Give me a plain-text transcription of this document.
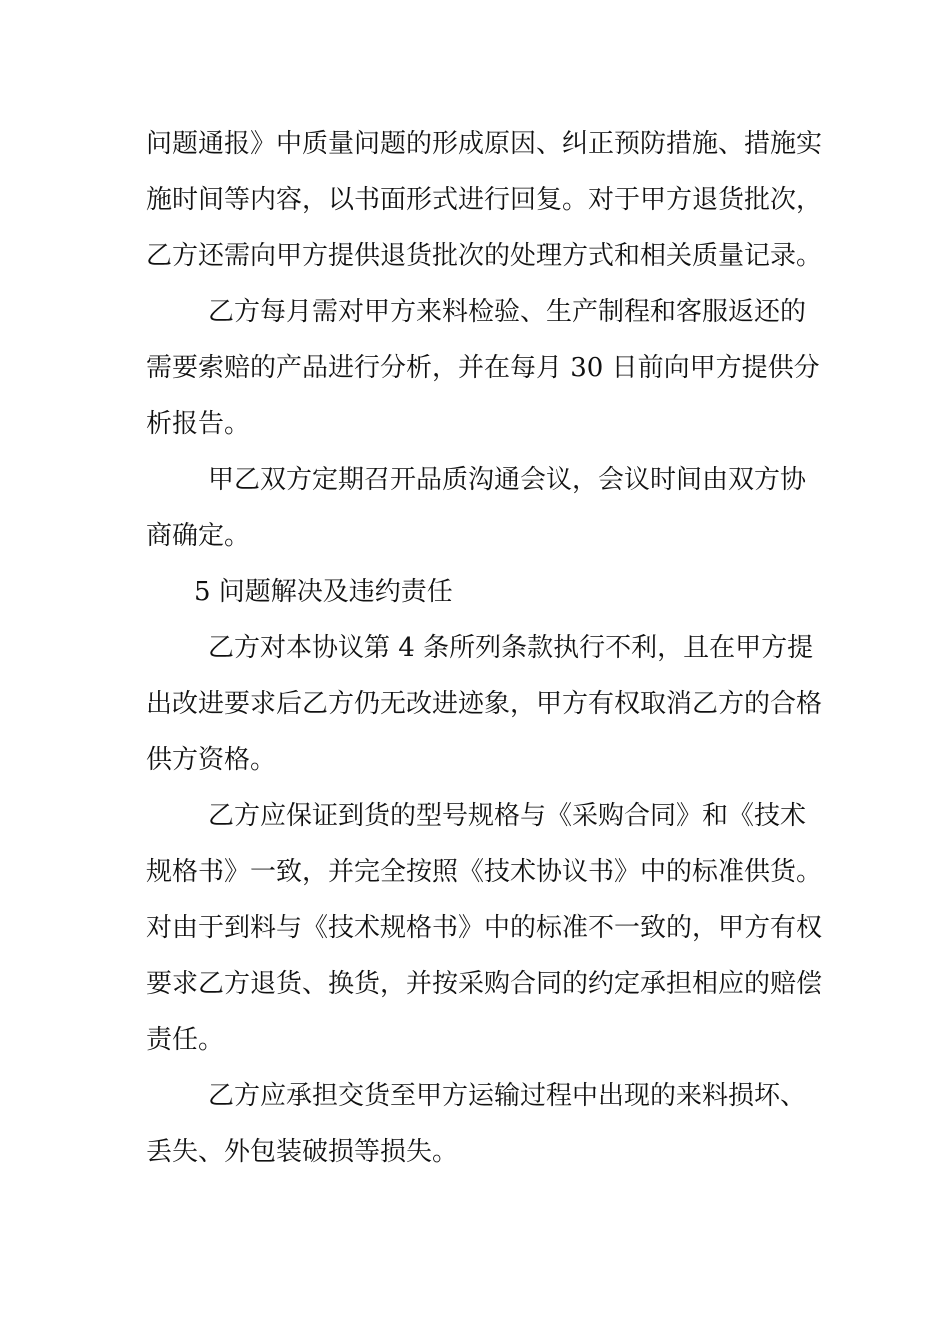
问题通报》中质量问题的形成原因、纠正预防措施、措施实
施时间等内容，以书面形式进行回复。对于甲方退货批次，
乙方还需向甲方提供退货批次的处理方式和相关质量记录。
乙方每月需对甲方来料检验、生产制程和客服返还的
需要索赔的产品进行分析，并在每月 30 日前向甲方提供分
析报告。
甲乙双方定期召开品质沟通会议，会议时间由双方协
商确定。
5 问题解决及违约责任
乙方对本协议第 4 条所列条款执行不利，且在甲方提
出改进要求后乙方仍无改进迹象，甲方有权取消乙方的合格
供方资格。
乙方应保证到货的型号规格与《采购合同》和《技术
规格书》一致，并完全按照《技术协议书》中的标准供货。
对由于到料与《技术规格书》中的标准不一致的，甲方有权
要求乙方退货、换货，并按采购合同的约定承担相应的赔偿
责任。
乙方应承担交货至甲方运输过程中出现的来料损坏、
丢失、外包装破损等损失。
